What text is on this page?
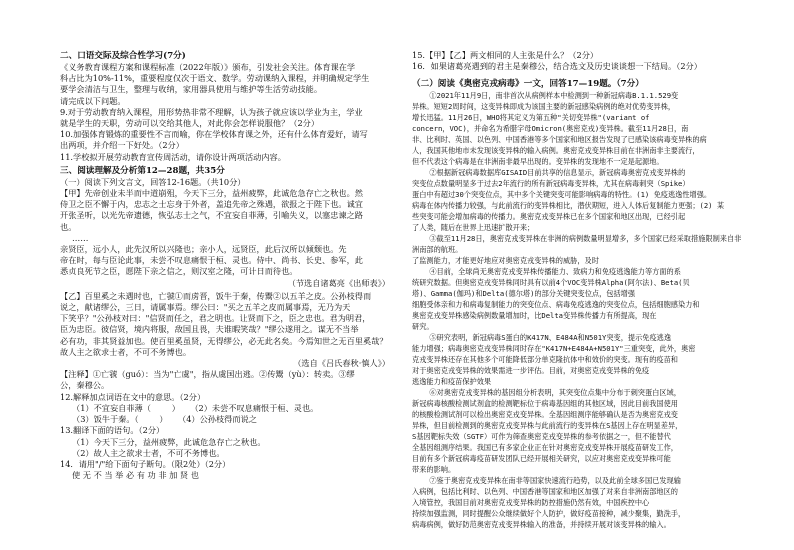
二、口语交际及综合性学习(7分)

《义务教育课程方案和课程标准（2022年版）》颁布，引发社会关注。体育课在学

科占比为10%-11%，重要程度仅次于语文、数学。劳动课纳入课程，并明确规定学生

要学会清洁与卫生，整理与收纳，家用器具使用与维护等生活劳动技能。

请完成以下问题。

9.对于劳动教育纳入课程，用形势热非常不理解，认为孩子就应该以学业为主，学业

就是学生的天职，劳动可以交给其他人，对此你会怎样说服他？（2分）

10.加强体育锻炼的重要性不言而喻，你在学校体育课之外，还有什么体育爱好，请写

出两项，并介绍一下好处。（2分）

11.学校拟开展劳动教育宣传周活动，请你设计两项活动内容。

三、阅读理解及分析第12—28题，共35分

（一）阅读下列文言文，回答12-16题。（共10分）

【甲】先帝创业未半而中道崩殂，今天下三分，益州疲弊，此诚危急存亡之秋也。然

侍卫之臣不懈于内，忠志之士忘身于外者，盖追先帝之殊遇，欲报之于陛下也。诚宜

开张圣听，以光先帝遗德，恢弘志士之气，不宜妄自菲薄，引喻失义，以塞忠谏之路

也。

……

亲贤臣，远小人，此先汉所以兴隆也；亲小人，远贤臣，此后汉所以倾颓也。先

帝在时，每与臣论此事，未尝不叹息痛恨于桓、灵也。侍中、尚书、长史、参军，此

悉贞良死节之臣，愿陛下亲之信之，则汉室之隆，可计日而待也。

（节选自诸葛亮《出师表》）

【乙】百里奚之未遇时也，亡虢①而虏晋，饭牛于秦，传鬻②以五羊之皮。公孙枝得而

说之，献诸缪公，三日，请属事焉。缪公曰："买之五羊之皮而属事焉，无乃为天

下笑乎？"公孙枝对曰："信贤而任之，君之明也。让贤而下之，臣之忠也。君为明君，

臣为忠臣。彼信贤，境内将服，敌国且畏，夫谁暇笑哉？"缪公遂用之。谋无不当举

必有功，非其贤益加也。使百里奚虽贤，无得缪公，必无此名矣。今焉知世之无百里奚哉？

故人主之欲求士者，不可不务博也。

（选自《吕氏春秋·慎人》）

【注释】①亡虢（guó）：当为"亡虞"，指从虞国出逃。②传鬻（yù）：转卖。③缪

公，秦穆公。

12.解释加点词语在文中的意思。（2分）

（1）不宜妄自菲薄（        ）    （2）未尝不叹息痛恨于桓、灵也。

（3）饭牛于秦。（        ）    （4）公孙枝得而说之

13.翻译下面的语句。（2分）

（1）今天下三分，益州疲弊，此诚危急存亡之秋也。

（2）故人主之欲求士者，不可不务博也。

14．请用"/"给下面句子断句。（限2处）（2分）

使 无 不 当 举 必 有 功 非 加 贤 也

15.【甲】【乙】两文相同的人主张是什么？（2分）

16．如果诸葛亮遇到的君主是秦穆公，结合选文及历史谈谈想一下结局。（2分）

（二）阅读《奥密克戎病毒》一文，回答17—19题。（7分）

①2021年11月9日，南非首次从病例样本中检测到一种新冠病毒B.1.1.529变

异株。短短2周时间，这变异株即成为该国主要的新冠感染病例的绝对优势变异株，

增长迅猛。11月26日，WHO将其定义为第五种"关切变异株"(variant of

concern，VOC)，并命名为希腊字母Omicron(奥密克戎)变异株。截至11月28日，南

非、比利时、英国、以色列、中国香港等多个国家和地区报告发现了已感染该病毒变异株的病

人，我国其他地市未发现该变异株的输入病例。奥密克戎变异株目前在非洲南非主要流行，

但不代表这个病毒是在非洲南非最早出现的。变异株的发现地不一定是起源地。

②根据新冠病毒数据库GISAID目前共享的信息显示，新冠病毒奥密克戎变异株的

突变位点数量明显多于过去2年流行的所有新冠病毒变异株，尤其在病毒刺突（Spike）

蛋白中有超过30个突变位点，其中多个关键突变可能影响病毒的特性。(1) 免疫逃逸性增强。

病毒在体内传播力较强，与此前流行的变异株相比，潜伏期短，进入人体后复制能力更强；(2) 某

些突变可能会增加病毒的传播力。奥密克戎变异株已在多个国家和地区出现，已经引起

了人类，随后在世界上迅速扩散开来；

③截至11月28日，奥密克戎变异株在非洲的病例数量明显增多，多个国家已经采取措施限制来自非洲南部的航班。

了监测能力，才能更好地应对奥密克戎变异株的威胁，及时

④目前，全球尚无奥密克戎变异株传播能力、致病力和免疫逃逸能力等方面的系

统研究数据。但奥密克戎变异株同时具有以前4个VOC变异株Alpha(阿尔法)、Beta(贝

塔)、Gamma(伽玛)和Delta(德尔塔)的部分关键突变位点，包括增强

细胞受体亲和力和病毒复制能力的突变位点、病毒免疫逃逸的突变位点，包括细胞感染力和

奥密克戎变异株感染病例数量增加时，比Delta变异株传播力有所提高，现在

研究。

⑤研究表明，新冠病毒S蛋白的K417N、E484A和N501Y突变，提示免疫逃逸

能力增强；病毒奥密克戎变异株同时存在"K417N+E484A+N501Y"三重突变，此外，奥密

克戎变异株还存在其他多个可能降低部分单克隆抗体中和效价的突变。现有的疫苗和

对于奥密克戎变异株的效果需进一步评估。目前，对奥密克戎变异株的免疫

逃逸能力和疫苗保护效果

⑥对奥密克戎变异株的基因组分析表明，其突变位点集中分布于刺突蛋白区域，

新冠病毒核酸检测试剂盒的检测靶标位于病毒基因组的其他区域，因此目前我国使用

的核酸检测试剂可以检出奥密克戎变异株。全基因组测序能够确认是否为奥密克戎变

异株，但目前检测到的奥密克戎变异株与此前流行的变异株在S基因上存在明显差异，

S基因靶标失效（SGTF）可作为筛查奥密克戎变异株的参考依据之一，但不能替代

全基因组测序结果。我国已有多家企业正在针对奥密克戎变异株开展疫苗研发工作，

目前有多个新冠病毒疫苗研发团队已经开展相关研究，以应对奥密克戎变异株可能

带来的影响。

⑦鉴于奥密克戎变异株在南非等国家快速流行趋势，以及此前全球多国已发现输

入病例，包括比利时、以色列、中国香港等国家和地区加强了对来自非洲南部地区的

入境管控，我国目前对奥密克戎变异株的防控措施仍然有效，中国疾控中心

持续加强监测，同时提醒公众继续做好个人防护，做好疫苗接种，减少聚集，勤洗手，

病毒病例，做好防范奥密克戎变异株输入的准备，并持续开展对该变异株的输入。
